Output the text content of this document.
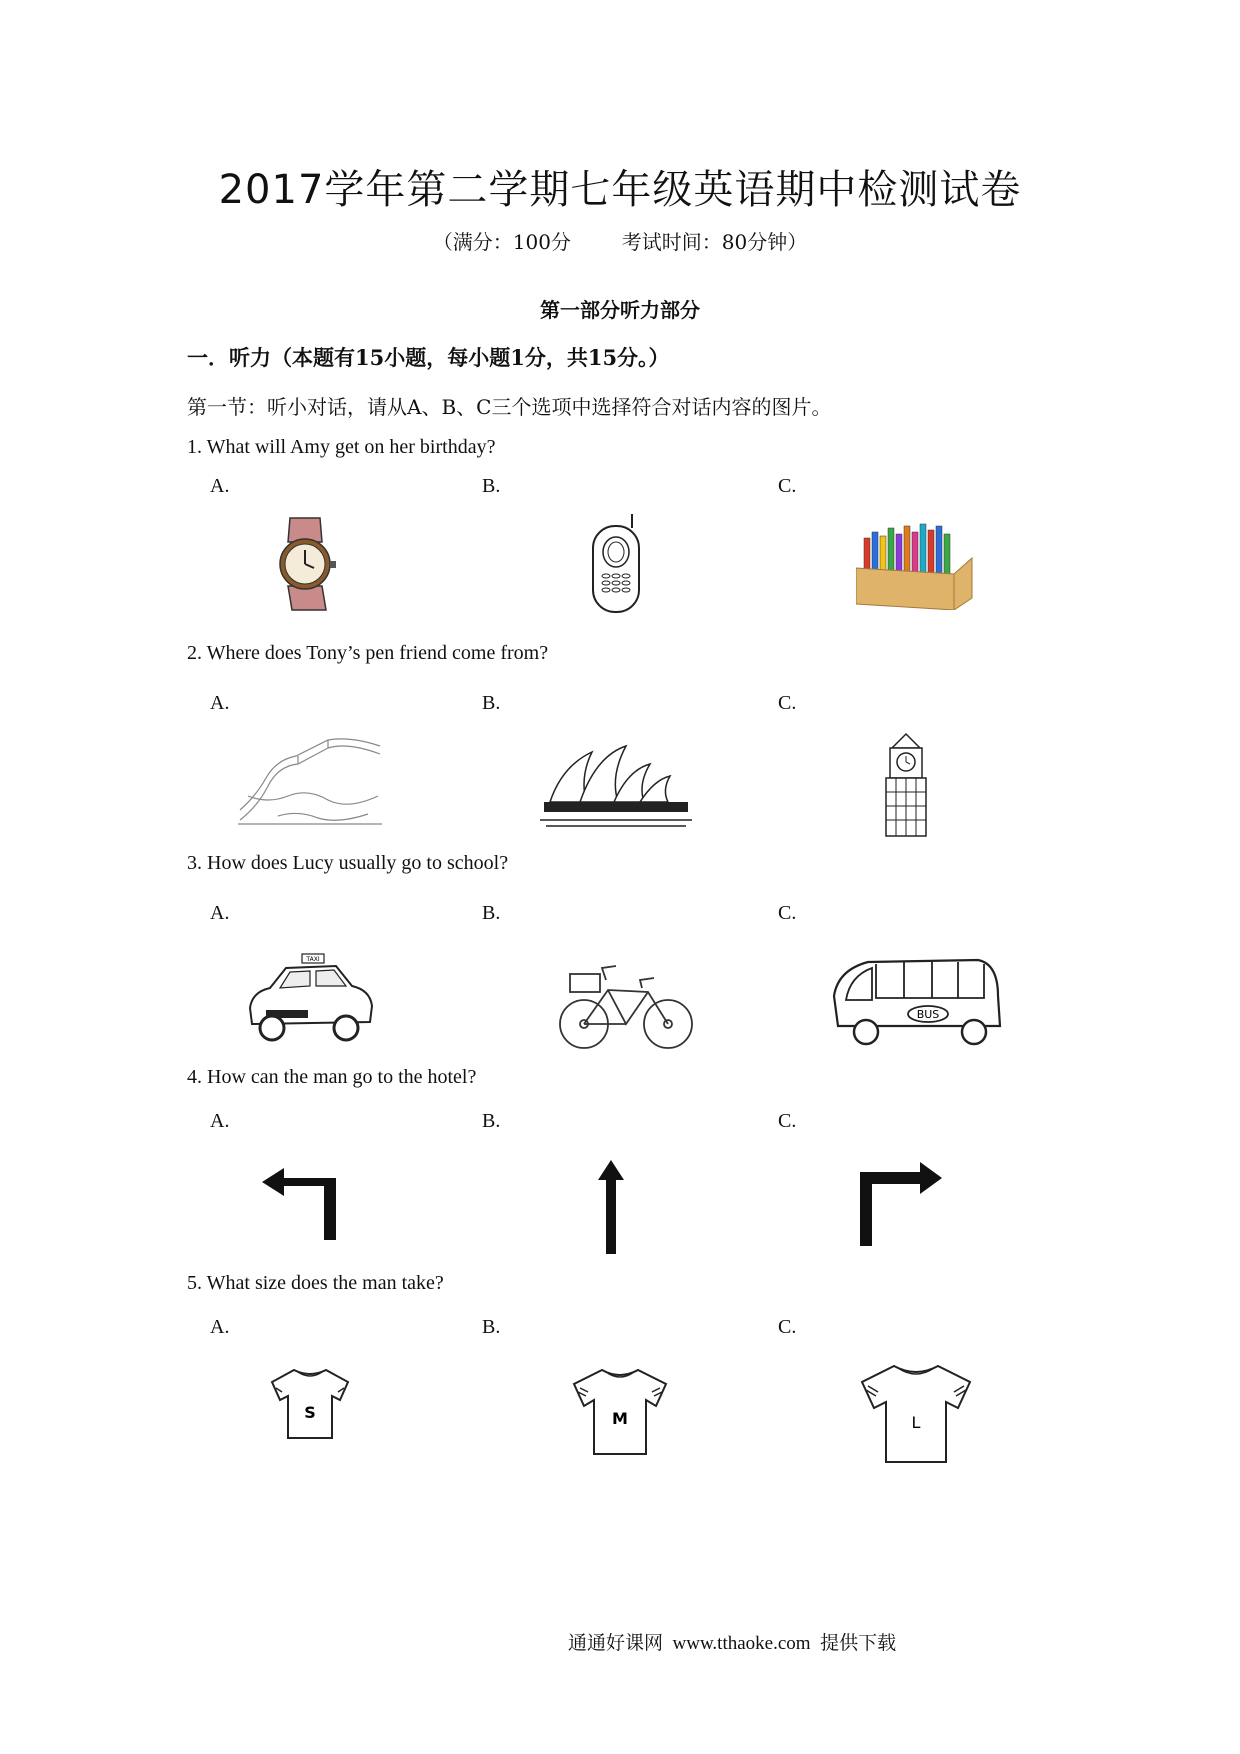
2017学年第二学期七年级英语期中检测试卷
（满分：100分        考试时间：80分钟）
第一部分听力部分
一．听力（本题有15小题，每小题1分，共15分。）
第一节：听小对话，请从A、B、C三个选项中选择符合对话内容的图片。
1. What will Amy get on her birthday?
A.	B.	C.
2. Where does Tony’s pen friend come from?
A.	B.	C.
3. How does Lucy usually go to school?
A.	B.	C.
TAXI
BUS
4. How can the man go to the hotel?
A.	B.	C.
5. What size does the man take?
A.	B.	C.
S	M	L
通通好课网  www.tthaoke.com  提供下载
